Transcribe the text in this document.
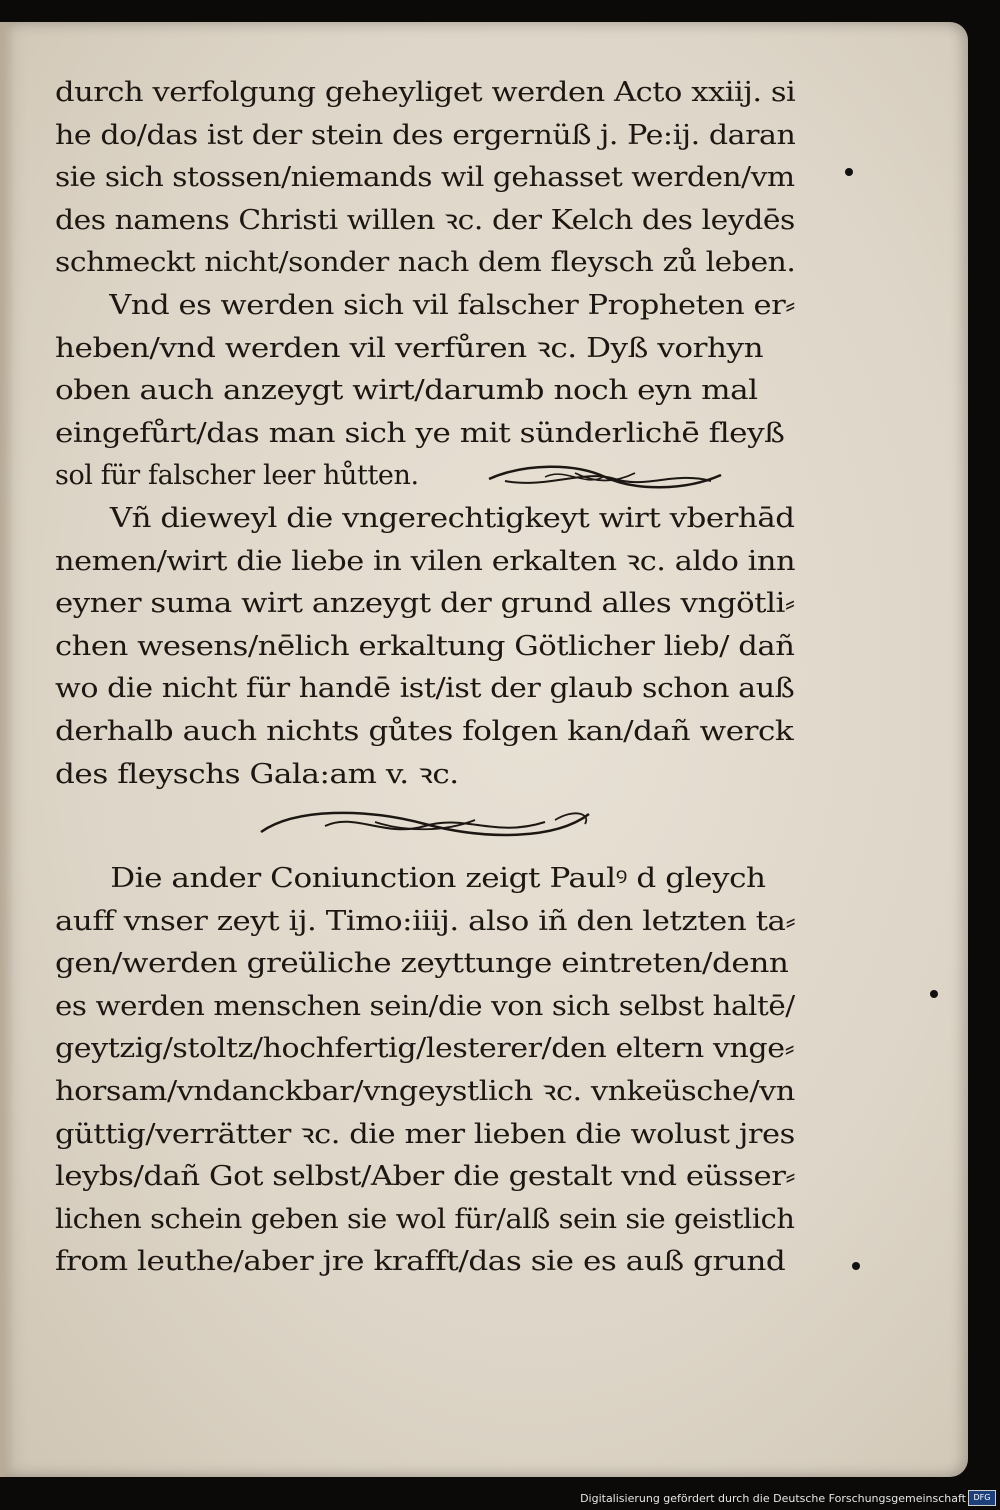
durch verfolgung geheyliget werden Acto xxiij. si
he do/das ist der stein des ergernüß j. Pe:ij. daran
sie sich stossen/niemands wil gehasset werden/vm
des namens Christi willen ꝛc. der Kelch des leydēs
schmeckt nicht/sonder nach dem fleysch zů leben.
Vnd es werden sich vil falscher Propheten er⸗
heben/vnd werden vil verfůren ꝛc. Dyß vorhyn
oben auch anzeygt wirt/darumb noch eyn mal
eingefůrt/das man sich ye mit sünderlichē fleyß
sol für falscher leer hůtten.
Vñ dieweyl die vngerechtigkeyt wirt vberhād
nemen/wirt die liebe in vilen erkalten ꝛc. aldo inn
eyner suma wirt anzeygt der grund alles vngötli⸗
chen wesens/nēlich erkaltung Götlicher lieb/ dañ
wo die nicht für handē ist/ist der glaub schon auß
derhalb auch nichts gůtes folgen kan/dañ werck
des fleyschs Gala:am v. ꝛc.
Die ander Coniunction zeigt Paulꝰ d gleych
auff vnser zeyt ij. Timo:iiij. also iñ den letzten ta⸗
gen/werden greüliche zeyttunge eintreten/denn
es werden menschen sein/die von sich selbst haltē/
geytzig/stoltz/hochfertig/lesterer/den eltern vnge⸗
horsam/vndanckbar/vngeystlich ꝛc. vnkeüsche/vn
güttig/verrätter ꝛc. die mer lieben die wolust jres
leybs/dañ Got selbst/Aber die gestalt vnd eüsser⸗
lichen schein geben sie wol für/alß sein sie geistlich
from leuthe/aber jre krafft/das sie es auß grund
Digitalisierung gefördert durch die Deutsche Forschungsgemeinschaft DFG
